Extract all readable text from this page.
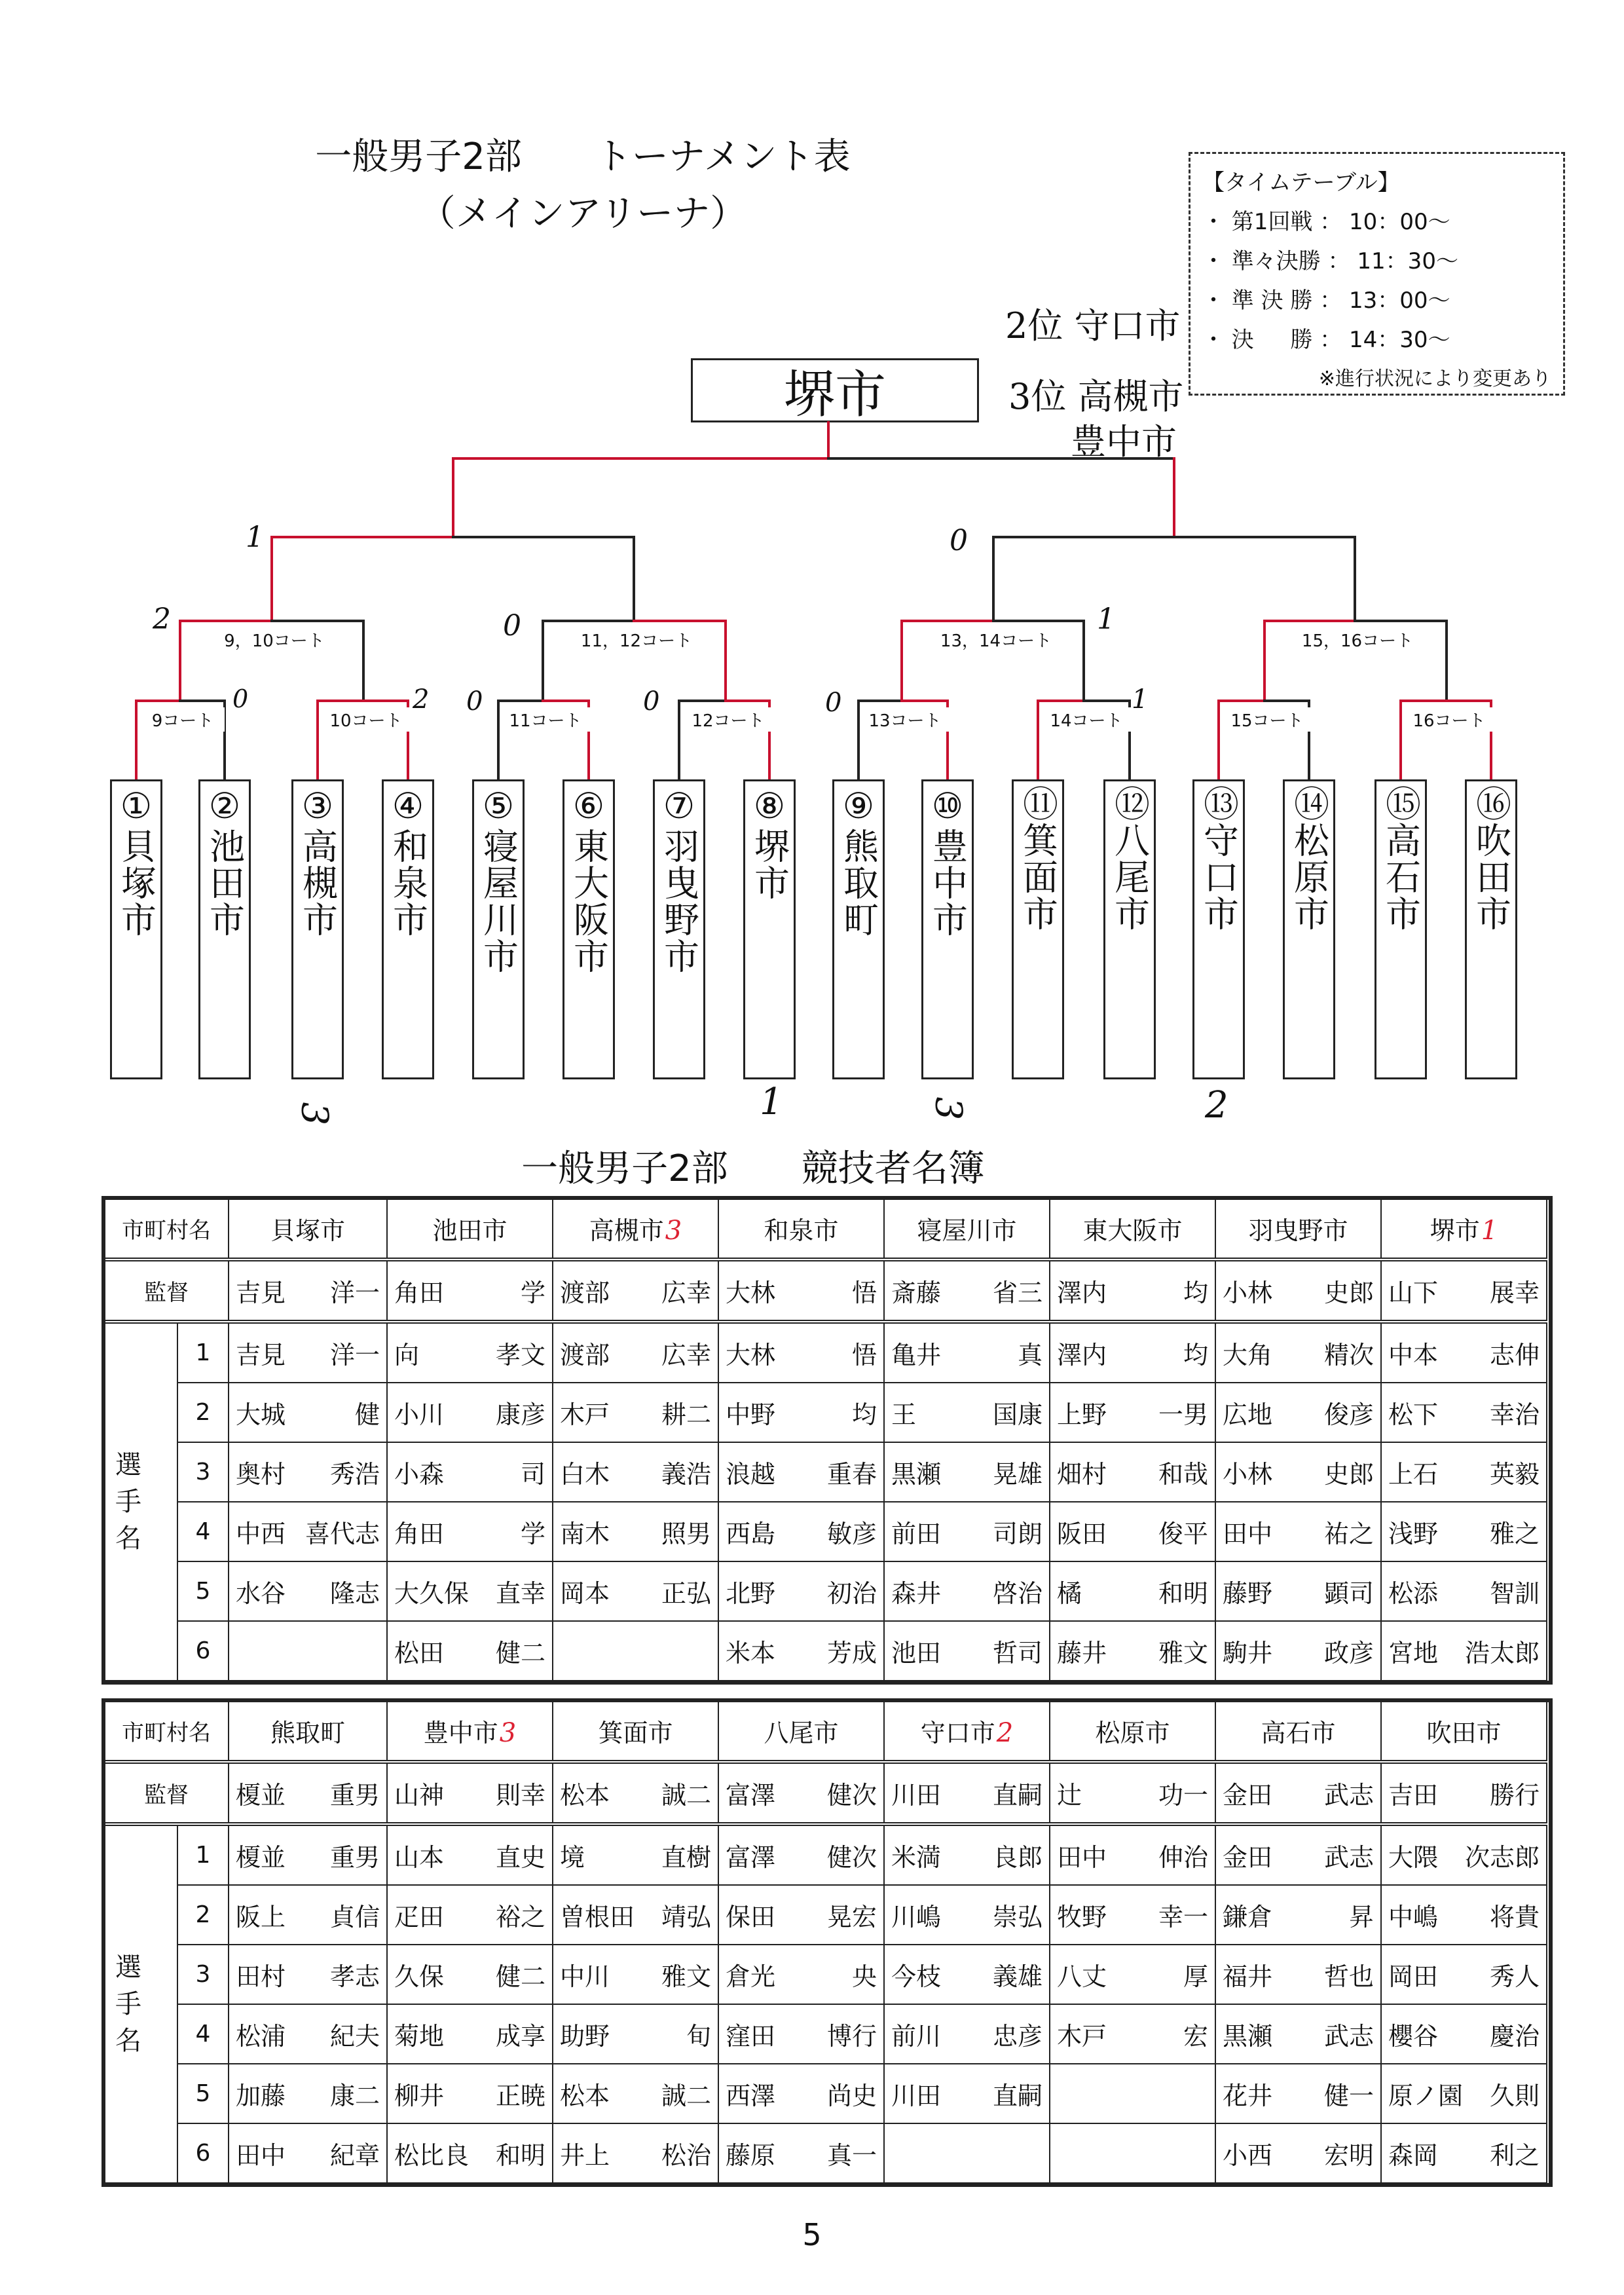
一般男子2部　　トーナメント表
（メインアリーナ）
【タイムテーブル】
・ 第1回戦 ： 10：00～
・ 準々決勝 ： 11：30～
・ 準 決 勝 ： 13：00～
・ 決 　 勝 ： 14：30～
※進行状況により変更あり
堺市
2位 守口市
3位 高槻市
豊中市
9，10コート	11，12コート	13，14コート	15，16コート
9コート	10コート	11コート	12コート	13コート	14コート	15コート	16コート
1	0
2	0	1
0	2 0	0	0	1
3	1	3	2
①貝塚市 ②池田市 ③高槻市 ④和泉市 ⑤寝屋川市 ⑥東大阪市 ⑦羽曳野市 ⑧堺市 ⑨熊取町 ⑩豊中市 ⑪箕面市 ⑫八尾市 ⑬守口市 ⑭松原市 ⑮高石市 ⑯吹田市
一般男子2部　　競技者名簿
市町村名		貝塚市	池田市	高槻市3	和泉市	寝屋川市	東大阪市	羽曳野市	堺市1
監督		吉見 洋一	角田 学	渡部 広幸	大林 悟	斎藤 省三	澤内 均	小林 史郎	山下 展幸

選手名	1	吉見 洋一	向 孝文	渡部 広幸	大林 悟	亀井 真	澤内 均	大角 精次	中本 志伸

	2	大城 健	小川 康彦	木戸 耕二	中野 均	王 国康	上野 一男	広地 俊彦	松下 幸治

	3	奥村 秀浩	小森 司	白木 義浩	浪越 重春	黒瀬 晃雄	畑村 和哉	小林 史郎	上石 英毅

	4	中西 喜代志	角田 学	南木 照男	西島 敏彦	前田 司朗	阪田 俊平	田中 祐之	浅野 雅之

	5	水谷 隆志	大久保 直幸	岡本 正弘	北野 初治	森井 啓治	橘 和明	藤野 顕司	松添 智訓

	6		松田 健二		米本 芳成	池田 哲司	藤井 雅文	駒井 政彦	宮地 浩太郎
市町村名		熊取町	豊中市3	箕面市	八尾市	守口市2	松原市	高石市	吹田市
監督		榎並 重男	山神 則幸	松本 誠二	富澤 健次	川田 直嗣	辻 功一	金田 武志	吉田 勝行

選手名	1	榎並 重男	山本 直史	境 直樹	富澤 健次	米満 良郎	田中 伸治	金田 武志	大隈 次志郎

	2	阪上 貞信	疋田 裕之	曽根田 靖弘	保田 晃宏	川嶋 崇弘	牧野 幸一	鎌倉 昇	中嶋 将貴

	3	田村 孝志	久保 健二	中川 雅文	倉光 央	今枝 義雄	八丈 厚	福井 哲也	岡田 秀人

	4	松浦 紀夫	菊地 成享	助野 旬	窪田 博行	前川 忠彦	木戸 宏	黒瀬 武志	櫻谷 慶治

	5	加藤 康二	柳井 正暁	松本 誠二	西澤 尚史	川田 直嗣		花井 健一	原ノ園 久則

	6	田中 紀章	松比良 和明	井上 松治	藤原 真一			小西 宏明	森岡 利之
5
